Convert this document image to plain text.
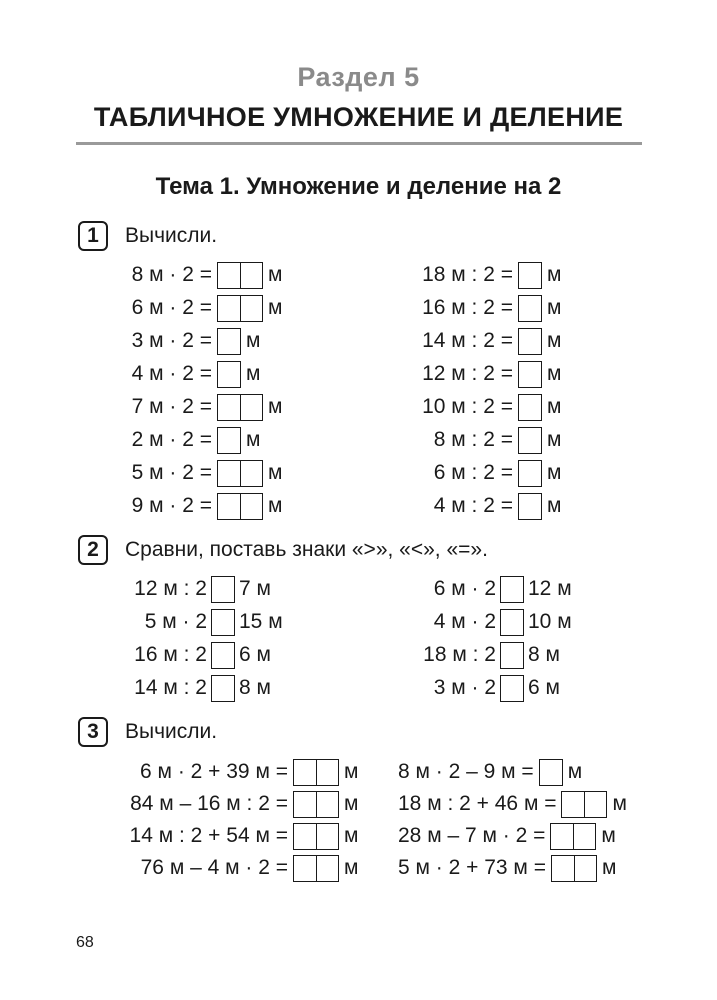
Раздел 5
ТАБЛИЧНОЕ УМНОЖЕНИЕ И ДЕЛЕНИЕ
Тема 1. Умножение и деление на 2
1	Вычисли.
8 м · 2 =	м
6 м · 2 =	м
3 м · 2 = м
4 м · 2 = м
7 м · 2 =	м
2 м · 2 = м
5 м · 2 =	м
9 м · 2 =	м
18 м : 2 = м
16 м : 2 = м
14 м : 2 = м
12 м : 2 = м
10 м : 2 = м
8 м : 2 = м
6 м : 2 = м
4 м : 2 = м
2	Сравни, поставь знаки «>», «<», «=».
12 м : 2 7 м
5 м · 2 15 м
16 м : 2 6 м
14 м : 2 8 м
6 м · 2 12 м
4 м · 2 10 м
18 м : 2 8 м
3 м · 2 6 м
3	Вычисли.
6 м · 2 + 39 м =	м
84 м – 16 м : 2 =	м
14 м : 2 + 54 м =	м
76 м – 4 м · 2 =	м
8 м · 2 – 9 м = м
18 м : 2 + 46 м =	м
28 м – 7 м · 2 =	м
5 м · 2 + 73 м =	м
68
